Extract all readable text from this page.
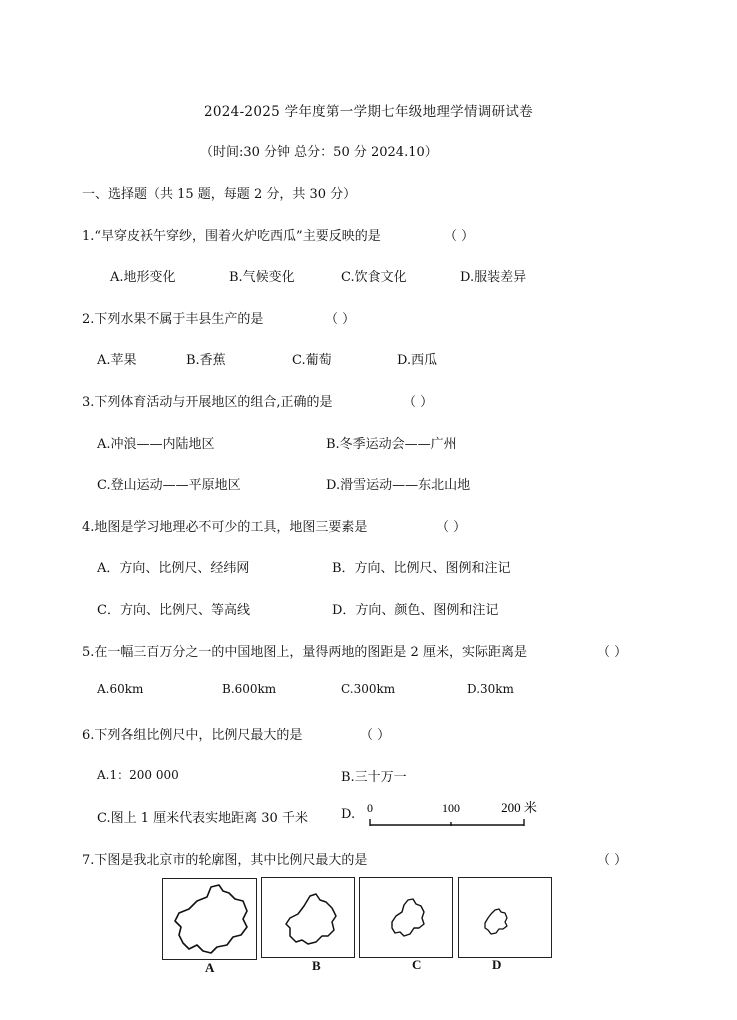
2024-2025 学年度第一学期七年级地理学情调研试卷
（时间:30 分钟 总分：50 分 2024.10）
一、选择题（共 15 题，每题 2 分，共 30 分）
1.“早穿皮袄午穿纱，围着火炉吃西瓜”主要反映的是	（ ）
A.地形变化	B.气候变化	C.饮食文化	D.服装差异
2.下列水果不属于丰县生产的是	（ ）
A.苹果	B.香蕉	C.葡萄	D.西瓜
3.下列体育活动与开展地区的组合,正确的是	（ ）
A.冲浪——内陆地区	B.冬季运动会——广州
C.登山运动——平原地区	D.滑雪运动——东北山地
4.地图是学习地理必不可少的工具，地图三要素是	（ ）
A．方向、比例尺、经纬网	B．方向、比例尺、图例和注记
C．方向、比例尺、等高线	D．方向、颜色、图例和注记
5.在一幅三百万分之一的中国地图上，量得两地的图距是 2 厘米，实际距离是	（ ）
A.60km	B.600km	C.300km	D.30km
6.下列各组比例尺中，比例尺最大的是	（ ）
A.1：200 000	B.三十万一
C.图上 1 厘米代表实地距离 30 千米	D. 0	100	200 米
7.下图是我北京市的轮廓图，其中比例尺最大的是	（ ）
A	B	C	D
